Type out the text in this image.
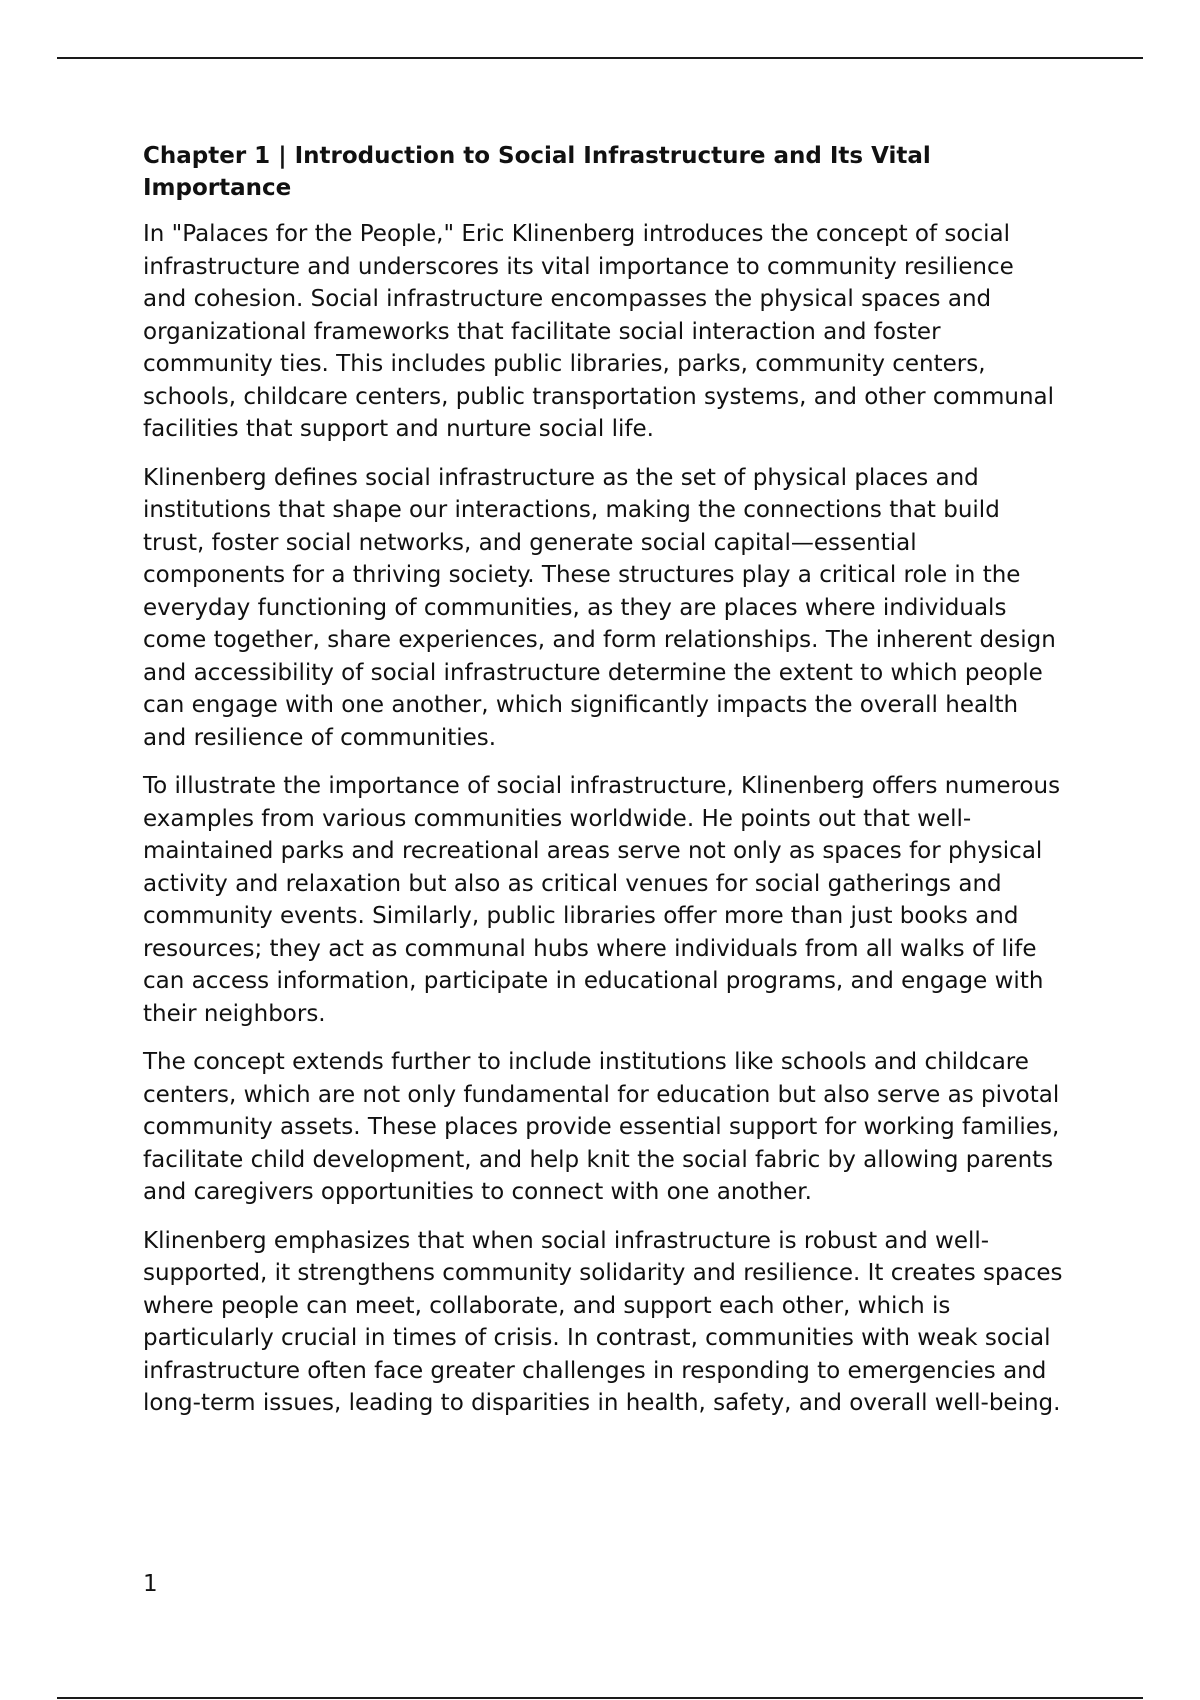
Chapter 1 | Introduction to Social Infrastructure and Its Vital Importance

In "Palaces for the People," Eric Klinenberg introduces the concept of social infrastructure and underscores its vital importance to community resilience and cohesion. Social infrastructure encompasses the physical spaces and organizational frameworks that facilitate social interaction and foster community ties. This includes public libraries, parks, community centers, schools, childcare centers, public transportation systems, and other communal facilities that support and nurture social life.

Klinenberg defines social infrastructure as the set of physical places and institutions that shape our interactions, making the connections that build trust, foster social networks, and generate social capital—essential components for a thriving society. These structures play a critical role in the everyday functioning of communities, as they are places where individuals come together, share experiences, and form relationships. The inherent design and accessibility of social infrastructure determine the extent to which people can engage with one another, which significantly impacts the overall health and resilience of communities.

To illustrate the importance of social infrastructure, Klinenberg offers numerous examples from various communities worldwide. He points out that well-maintained parks and recreational areas serve not only as spaces for physical activity and relaxation but also as critical venues for social gatherings and community events. Similarly, public libraries offer more than just books and resources; they act as communal hubs where individuals from all walks of life can access information, participate in educational programs, and engage with their neighbors.

The concept extends further to include institutions like schools and childcare centers, which are not only fundamental for education but also serve as pivotal community assets. These places provide essential support for working families, facilitate child development, and help knit the social fabric by allowing parents and caregivers opportunities to connect with one another.

Klinenberg emphasizes that when social infrastructure is robust and well-supported, it strengthens community solidarity and resilience. It creates spaces where people can meet, collaborate, and support each other, which is particularly crucial in times of crisis. In contrast, communities with weak social infrastructure often face greater challenges in responding to emergencies and long-term issues, leading to disparities in health, safety, and overall well-being.

1
